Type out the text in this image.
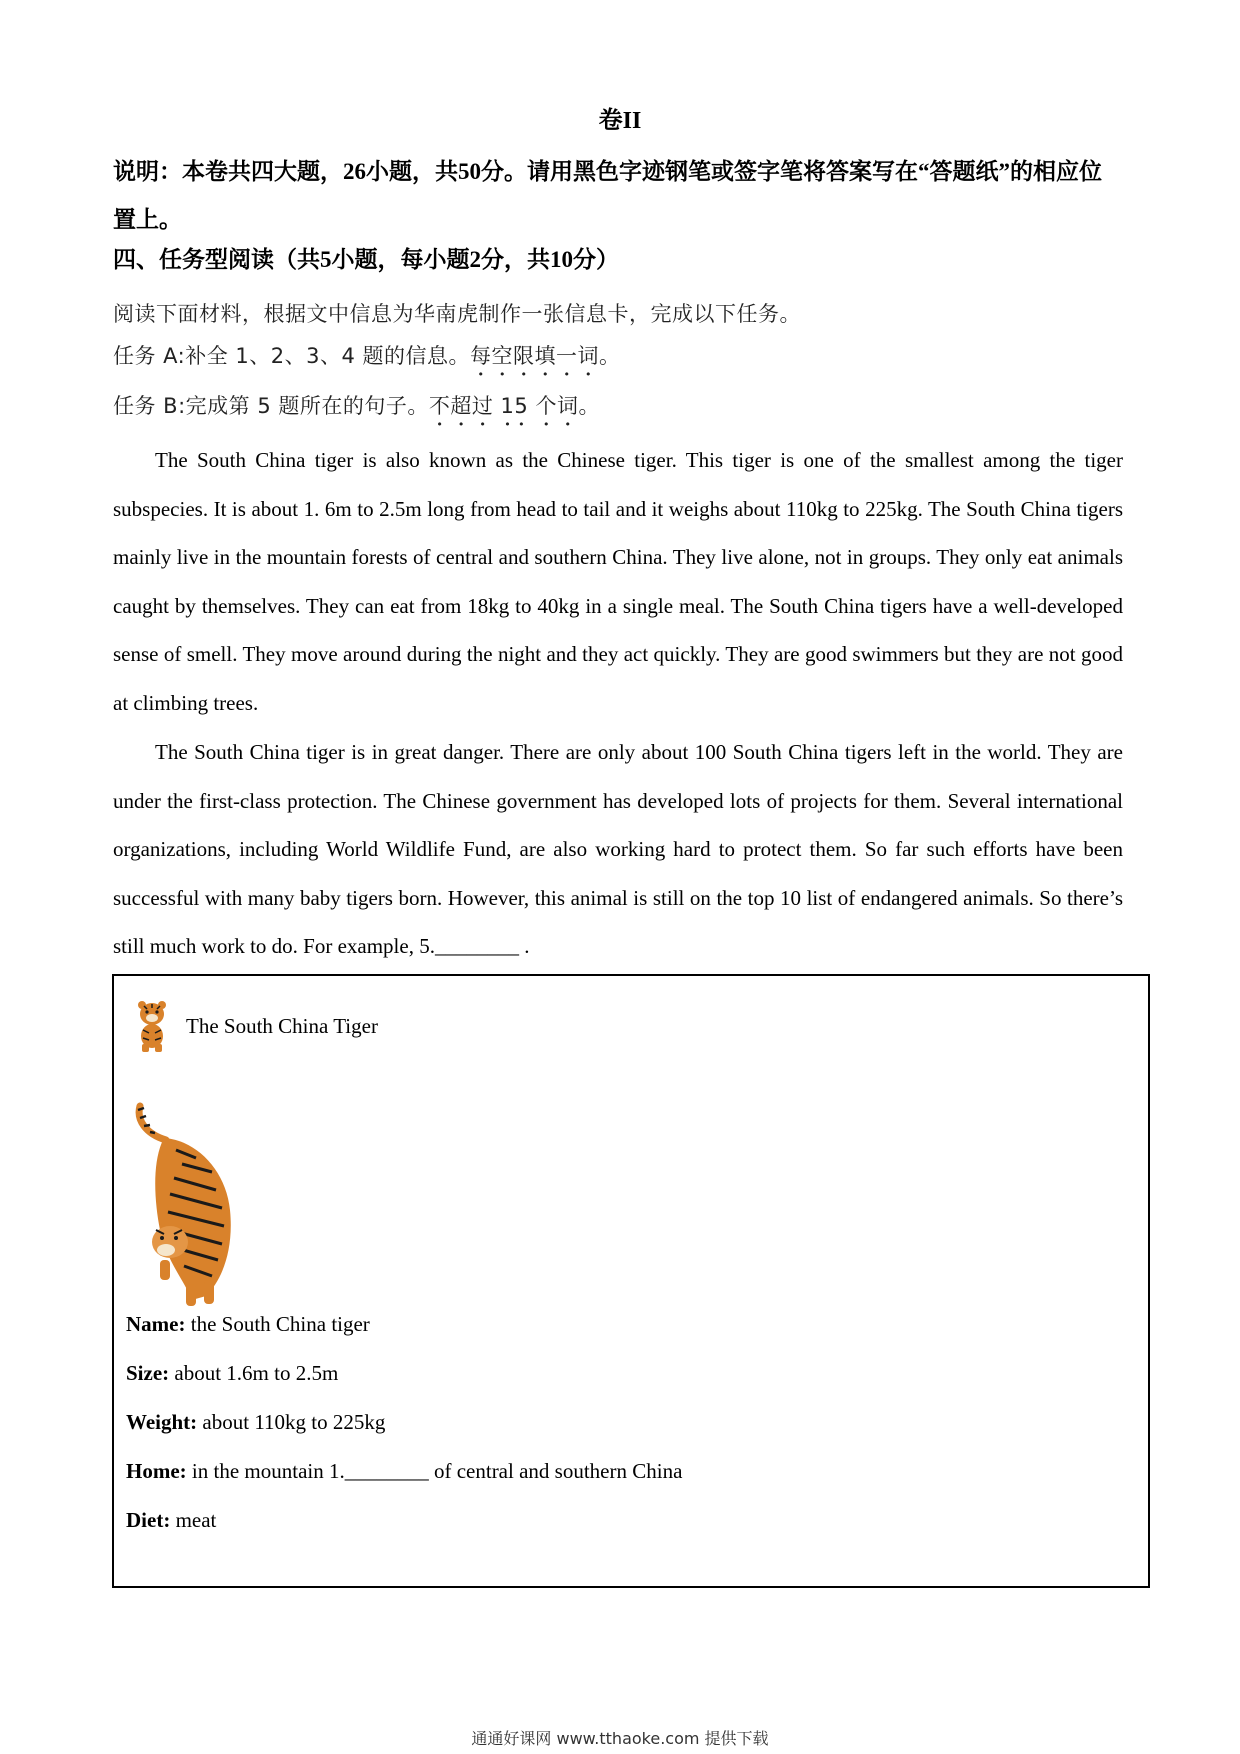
卷II
说明：本卷共四大题，26小题，共50分。请用黑色字迹钢笔或签字笔将答案写在“答题纸”的相应位置上。
四、任务型阅读（共5小题，每小题2分，共10分）
阅读下面材料，根据文中信息为华南虎制作一张信息卡，完成以下任务。
任务 A:补全 1、2、3、4 题的信息。每空限填一词。
任务 B:完成第 5 题所在的句子。不超过 15 个词。

The South China tiger is also known as the Chinese tiger. This tiger is one of the smallest among the tiger subspecies. It is about 1. 6m to 2.5m long from head to tail and it weighs about 110kg to 225kg. The South China tigers mainly live in the mountain forests of central and southern China. They live alone, not in groups. They only eat animals caught by themselves. They can eat from 18kg to 40kg in a single meal. The South China tigers have a well-developed sense of smell. They move around during the night and they act quickly. They are good swimmers but they are not good at climbing trees.

The South China tiger is in great danger. There are only about 100 South China tigers left in the world. They are under the first-class protection. The Chinese government has developed lots of projects for them. Several international organizations, including World Wildlife Fund, are also working hard to protect them. So far such efforts have been successful with many baby tigers born. However, this animal is still on the top 10 list of endangered animals. So there’s still much work to do. For example, 5.________ .

The South China Tiger
Name: the South China tiger
Size: about 1.6m to 2.5m
Weight: about 110kg to 225kg
Home: in the mountain 1.________ of central and southern China
Diet: meat
通通好课网 www.tthaoke.com 提供下载
